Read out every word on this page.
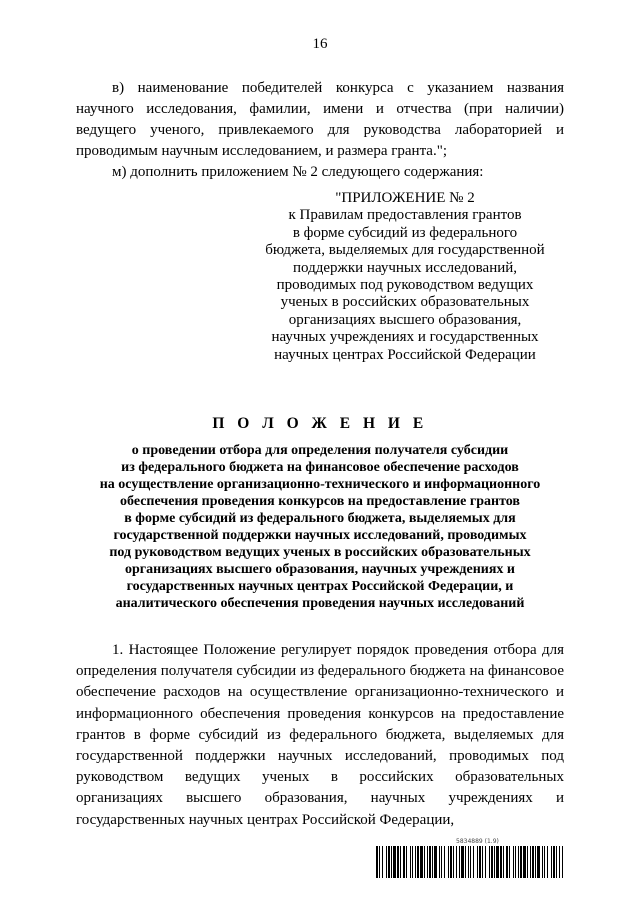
16

в) наименование победителей конкурса с указанием названия научного исследования, фамилии, имени и отчества (при наличии) ведущего ученого, привлекаемого для руководства лабораторией и проводимым научным исследованием, и размера гранта.";

м) дополнить приложением № 2 следующего содержания:

"ПРИЛОЖЕНИЕ № 2
к Правилам предоставления грантов
в форме субсидий из федерального
бюджета, выделяемых для государственной
поддержки научных исследований,
проводимых под руководством ведущих
ученых в российских образовательных
организациях высшего образования,
научных учреждениях и государственных
научных центрах Российской Федерации
П О Л О Ж Е Н И Е
о проведении отбора для определения получателя субсидии
из федерального бюджета на финансовое обеспечение расходов
на осуществление организационно-технического и информационного
обеспечения проведения конкурсов на предоставление грантов
в форме субсидий из федерального бюджета, выделяемых для
государственной поддержки научных исследований, проводимых
под руководством ведущих ученых в российских образовательных
организациях высшего образования, научных учреждениях и
государственных научных центрах Российской Федерации, и
аналитического обеспечения проведения научных исследований

1. Настоящее Положение регулирует порядок проведения отбора для определения получателя субсидии из федерального бюджета на финансовое обеспечение расходов на осуществление организационно-технического и информационного обеспечения проведения конкурсов на предоставление грантов в форме субсидий из федерального бюджета, выделяемых для государственной поддержки научных исследований, проводимых под руководством ведущих ученых в российских образовательных организациях высшего образования, научных учреждениях и государственных научных центрах Российской Федерации,

5834889 (1.9)
